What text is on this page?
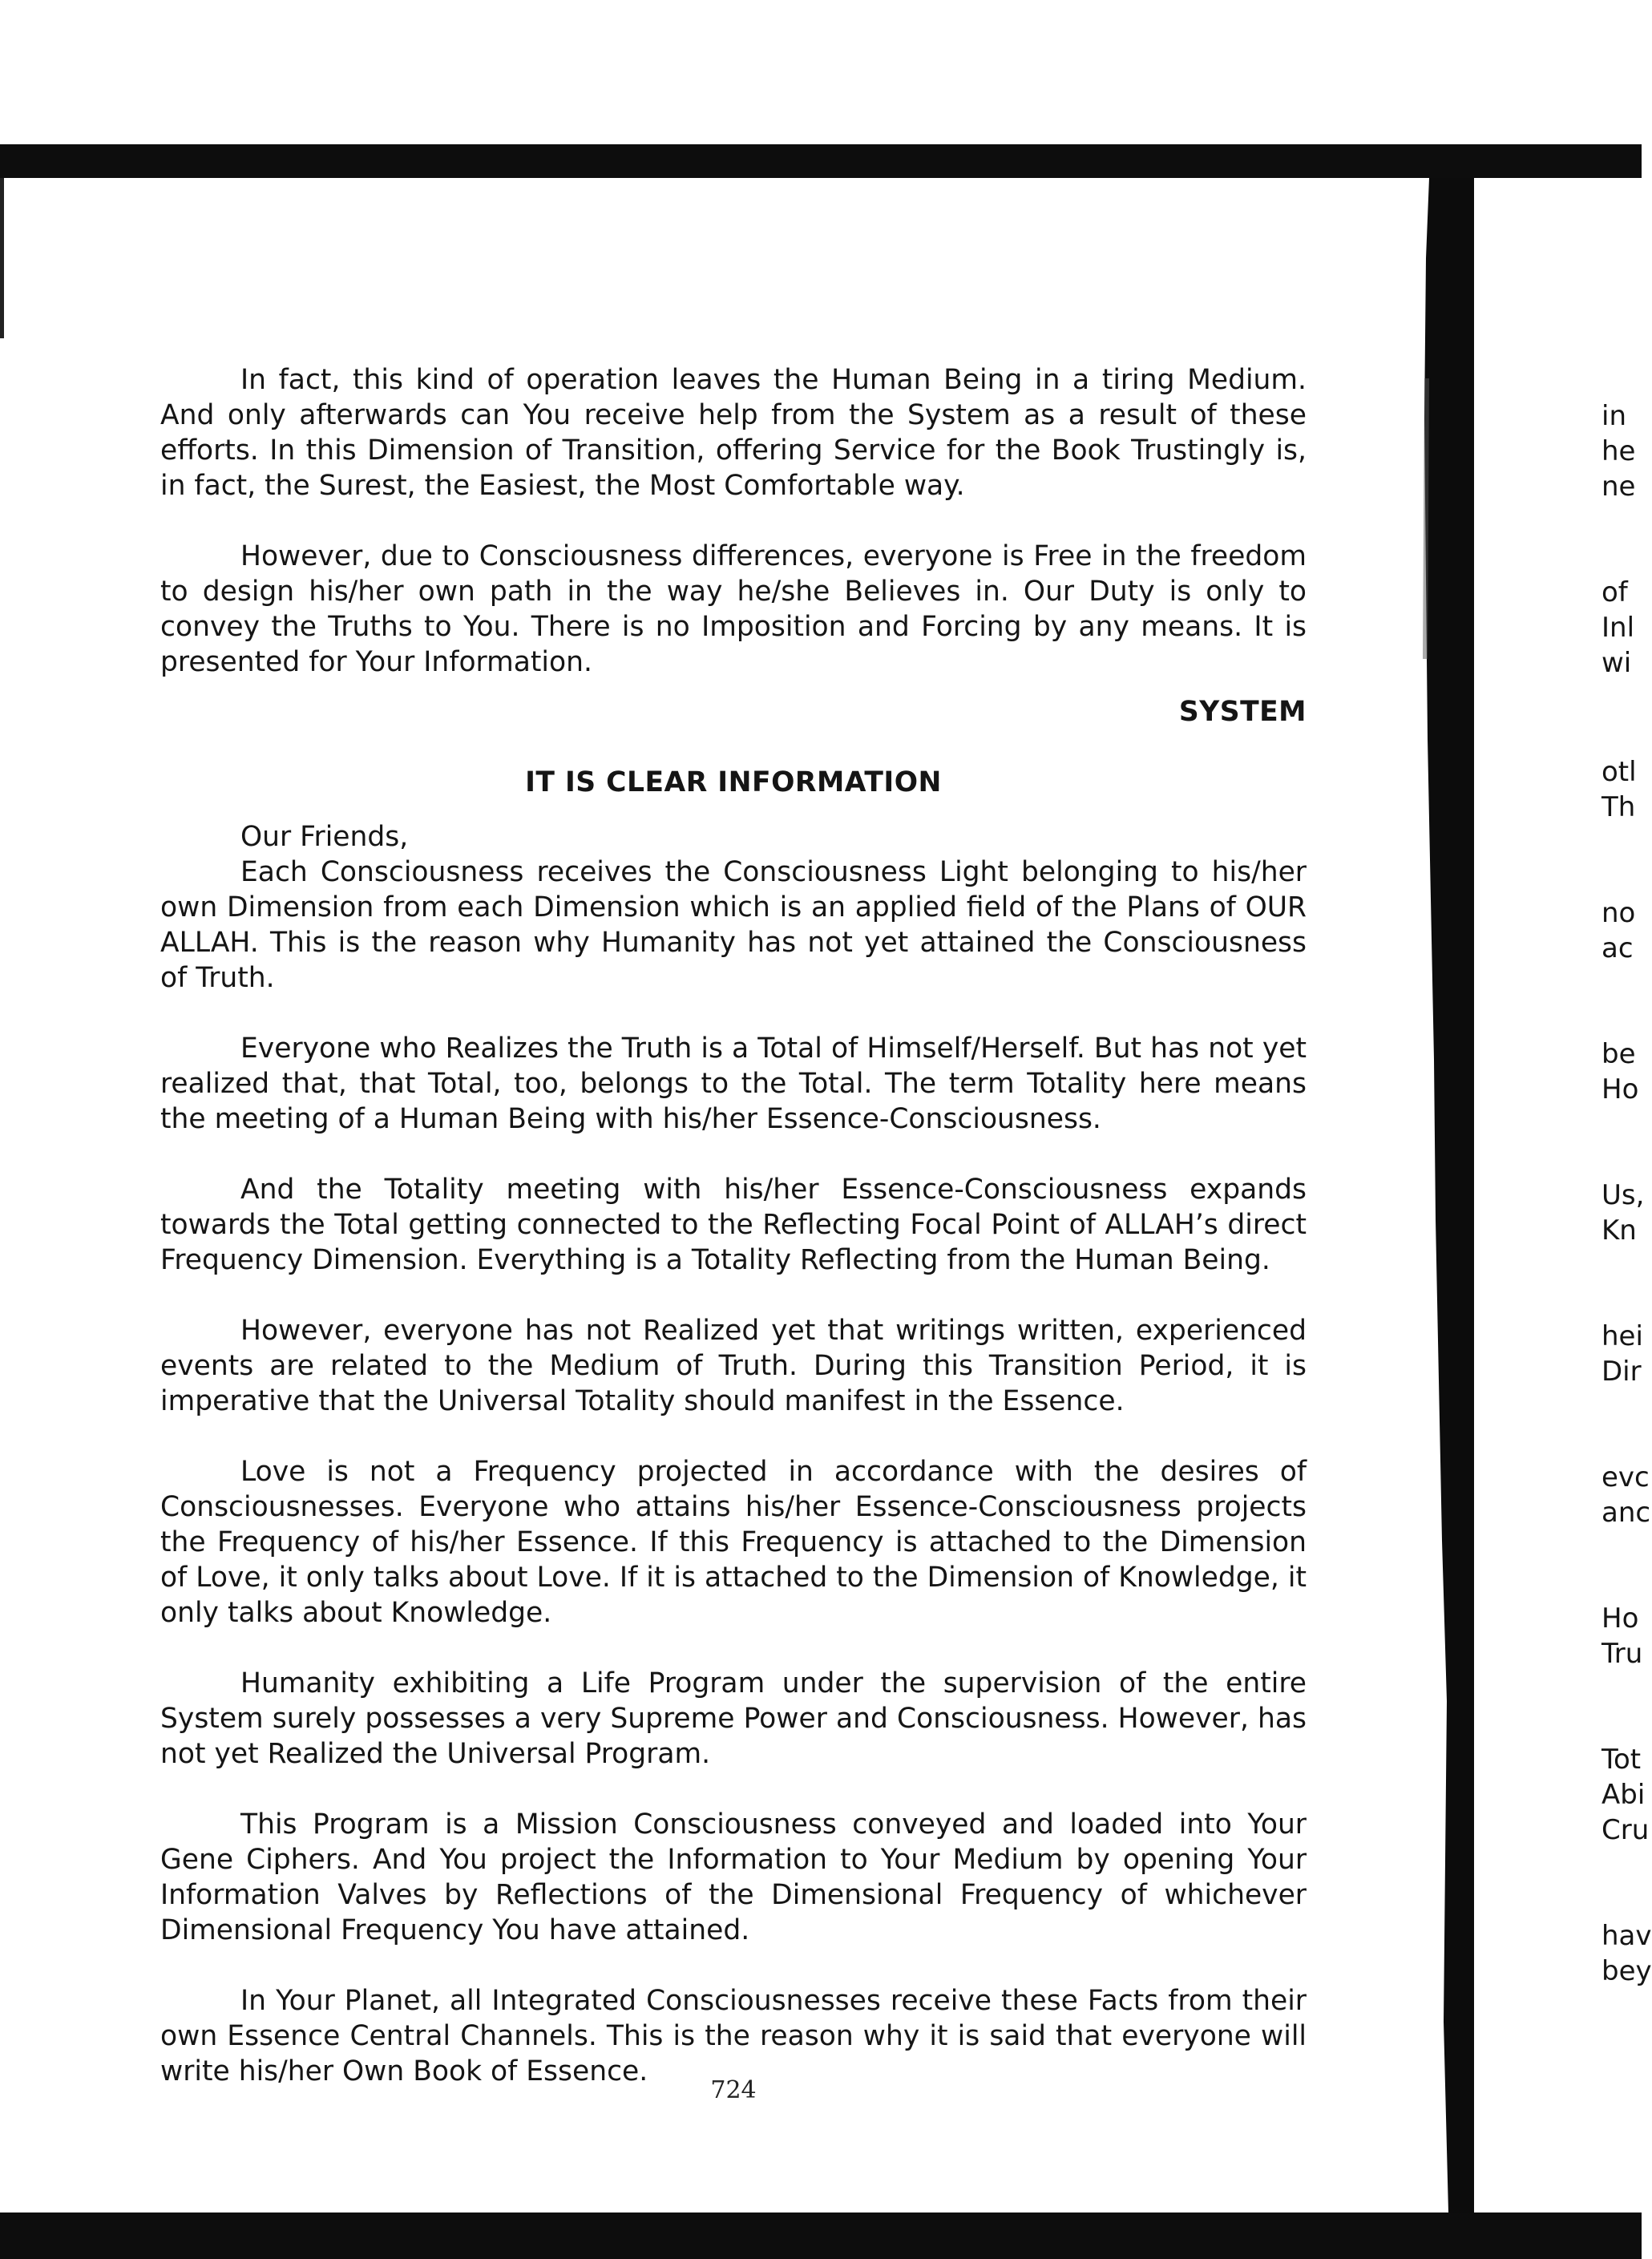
In fact, this kind of operation leaves the Human Being in a tiring Medium. And only afterwards can You receive help from the System as a result of these efforts. In this Dimension of Transition, offering Service for the Book Trustingly is, in fact, the Surest, the Easiest, the Most Comfortable way.

However, due to Consciousness differences, everyone is Free in the freedom to design his/her own path in the way he/she Believes in. Our Duty is only to convey the Truths to You. There is no Imposition and Forcing by any means. It is presented for Your Information.

SYSTEM
IT IS CLEAR INFORMATION

Our Friends,

Each Consciousness receives the Consciousness Light belonging to his/her own Dimension from each Dimension which is an applied field of the Plans of OUR ALLAH. This is the reason why Humanity has not yet attained the Consciousness of Truth.

Everyone who Realizes the Truth is a Total of Himself/Herself. But has not yet realized that, that Total, too, belongs to the Total. The term Totality here means the meeting of a Human Being with his/her Essence-Consciousness.

And the Totality meeting with his/her Essence-Consciousness expands towards the Total getting connected to the Reflecting Focal Point of ALLAH’s direct Frequency Dimension. Everything is a Totality Reflecting from the Human Being.

However, everyone has not Realized yet that writings written, experienced events are related to the Medium of Truth. During this Transition Period, it is imperative that the Universal Totality should manifest in the Essence.

Love is not a Frequency projected in accordance with the desires of Consciousnesses. Everyone who attains his/her Essence-Consciousness projects the Frequency of his/her Essence. If this Frequency is attached to the Dimension of Love, it only talks about Love. If it is attached to the Dimension of Knowledge, it only talks about Knowledge.

Humanity exhibiting a Life Program under the supervision of the entire System surely possesses a very Supreme Power and Consciousness. However, has not yet Realized the Universal Program.

This Program is a Mission Consciousness conveyed and loaded into Your Gene Ciphers. And You project the Information to Your Medium by opening Your Information Valves by Reflections of the Dimensional Frequency of whichever Dimensional Frequency You have attained.

In Your Planet, all Integrated Consciousnesses receive these Facts from their own Essence Central Channels. This is the reason why it is said that everyone will write his/her Own Book of Essence.

724
in
he
ne
of
Inl
wi
otl
Th
no
ac
be
Ho
Us,
Kn
hei
Dir
evc
anc
Ho
Tru
Tot
Abi
Cru
hav
bey
